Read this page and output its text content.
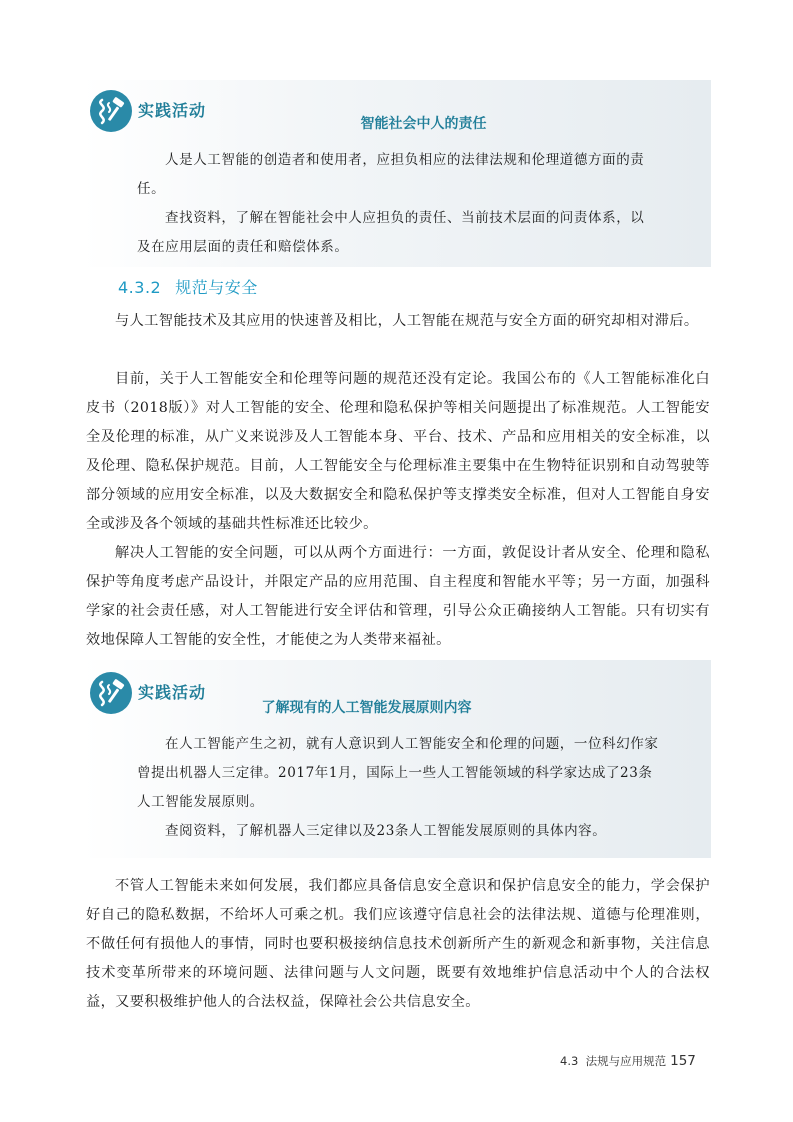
实践活动
智能社会中人的责任

人是人工智能的创造者和使用者，应担负相应的法律法规和伦理道德方面的责任。

查找资料，了解在智能社会中人应担负的责任、当前技术层面的问责体系，以及在应用层面的责任和赔偿体系。

4.3.2 规范与安全

与人工智能技术及其应用的快速普及相比，人工智能在规范与安全方面的研究却相对滞后。

目前，关于人工智能安全和伦理等问题的规范还没有定论。我国公布的《人工智能标准化白皮书（2018版）》对人工智能的安全、伦理和隐私保护等相关问题提出了标准规范。人工智能安全及伦理的标准，从广义来说涉及人工智能本身、平台、技术、产品和应用相关的安全标准，以及伦理、隐私保护规范。目前，人工智能安全与伦理标准主要集中在生物特征识别和自动驾驶等部分领域的应用安全标准，以及大数据安全和隐私保护等支撑类安全标准，但对人工智能自身安全或涉及各个领域的基础共性标准还比较少。

解决人工智能的安全问题，可以从两个方面进行：一方面，敦促设计者从安全、伦理和隐私保护等角度考虑产品设计，并限定产品的应用范围、自主程度和智能水平等；另一方面，加强科学家的社会责任感，对人工智能进行安全评估和管理，引导公众正确接纳人工智能。只有切实有效地保障人工智能的安全性，才能使之为人类带来福祉。

实践活动
了解现有的人工智能发展原则内容

在人工智能产生之初，就有人意识到人工智能安全和伦理的问题，一位科幻作家曾提出机器人三定律。2017年1月，国际上一些人工智能领域的科学家达成了23条人工智能发展原则。

查阅资料，了解机器人三定律以及23条人工智能发展原则的具体内容。

不管人工智能未来如何发展，我们都应具备信息安全意识和保护信息安全的能力，学会保护好自己的隐私数据，不给坏人可乘之机。我们应该遵守信息社会的法律法规、道德与伦理准则，不做任何有损他人的事情，同时也要积极接纳信息技术创新所产生的新观念和新事物，关注信息技术变革所带来的环境问题、法律问题与人文问题，既要有效地维护信息活动中个人的合法权益，又要积极维护他人的合法权益，保障社会公共信息安全。

4.3 法规与应用规范 157
